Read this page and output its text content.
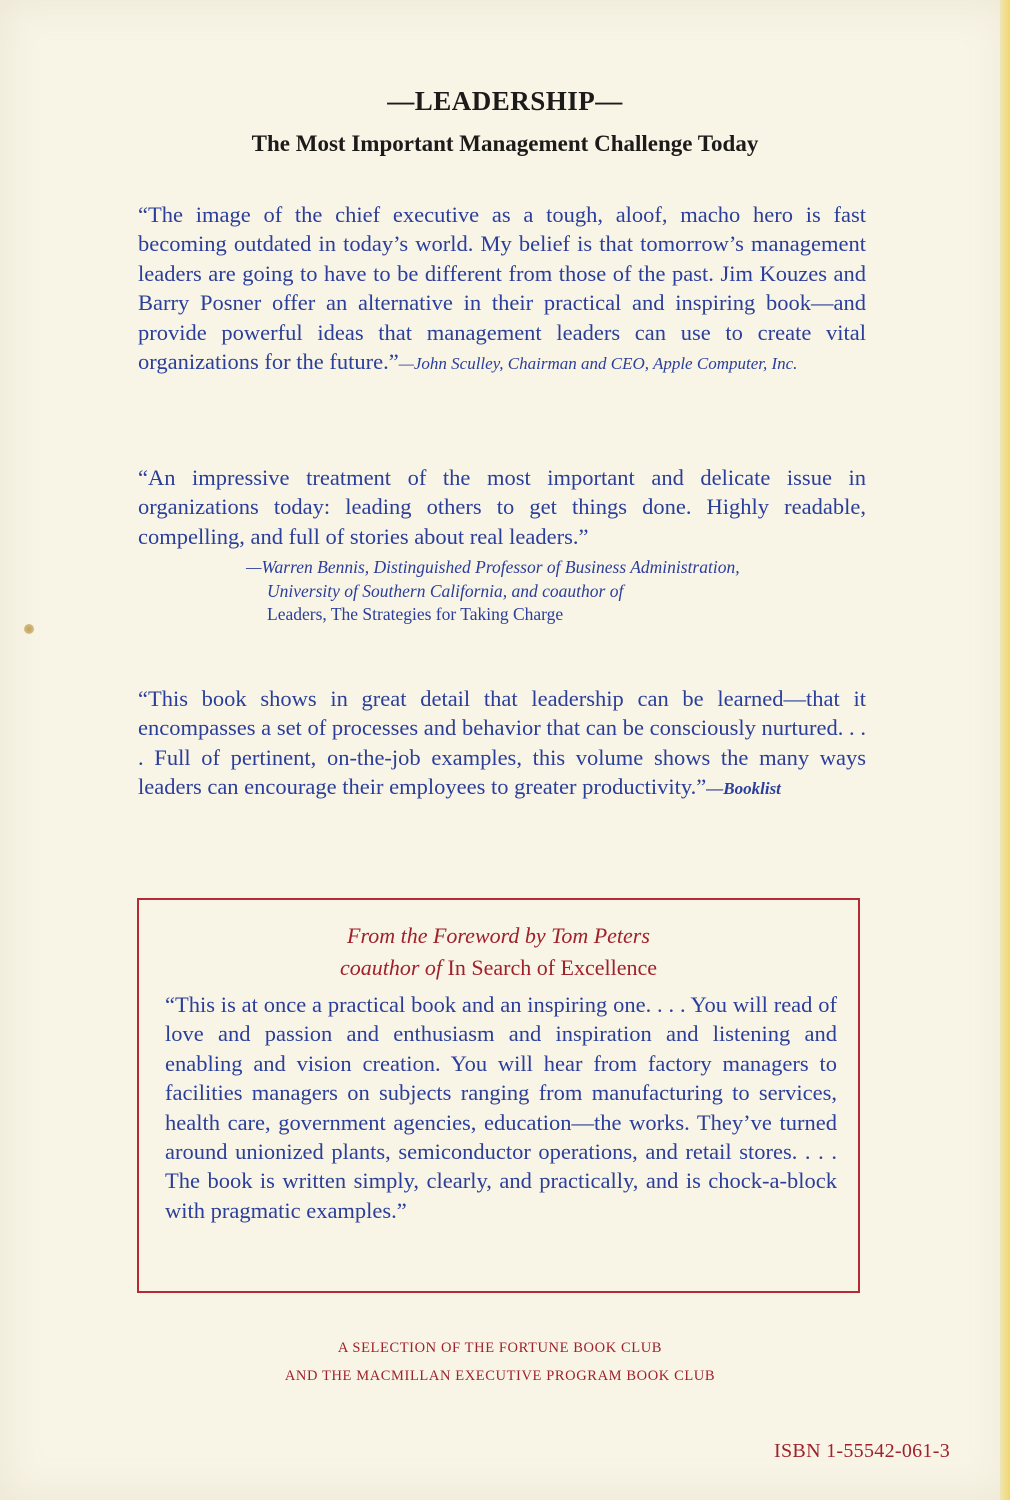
—LEADERSHIP—
The Most Important Management Challenge Today

“The image of the chief executive as a tough, aloof, macho hero is fast becoming outdated in today’s world. My belief is that tomorrow’s management leaders are going to have to be different from those of the past. Jim Kouzes and Barry Posner offer an alternative in their practical and inspiring book—and provide powerful ideas that management leaders can use to create vital organizations for the future.”—John Sculley, Chairman and CEO, Apple Computer, Inc.

“An impressive treatment of the most important and delicate issue in organizations today: leading others to get things done. Highly readable, compelling, and full of stories about real leaders.”

—Warren Bennis, Distinguished Professor of Business Administration,
University of Southern California, and coauthor of
Leaders, The Strategies for Taking Charge

“This book shows in great detail that leadership can be learned—that it encompasses a set of processes and behavior that can be consciously nurtured. . . . Full of pertinent, on-the-job examples, this volume shows the many ways leaders can encourage their employees to greater productivity.”—Booklist

From the Foreword by Tom Peters
coauthor of In Search of Excellence

“This is at once a practical book and an inspiring one. . . . You will read of love and passion and enthusiasm and inspiration and listening and enabling and vision creation. You will hear from factory managers to facilities managers on subjects ranging from manufacturing to services, health care, government agencies, education—the works. They’ve turned around unionized plants, semiconductor operations, and retail stores. . . . The book is written simply, clearly, and practically, and is chock-a-block with pragmatic examples.”

A SELECTION OF THE FORTUNE BOOK CLUB
AND THE MACMILLAN EXECUTIVE PROGRAM BOOK CLUB
ISBN 1-55542-061-3
